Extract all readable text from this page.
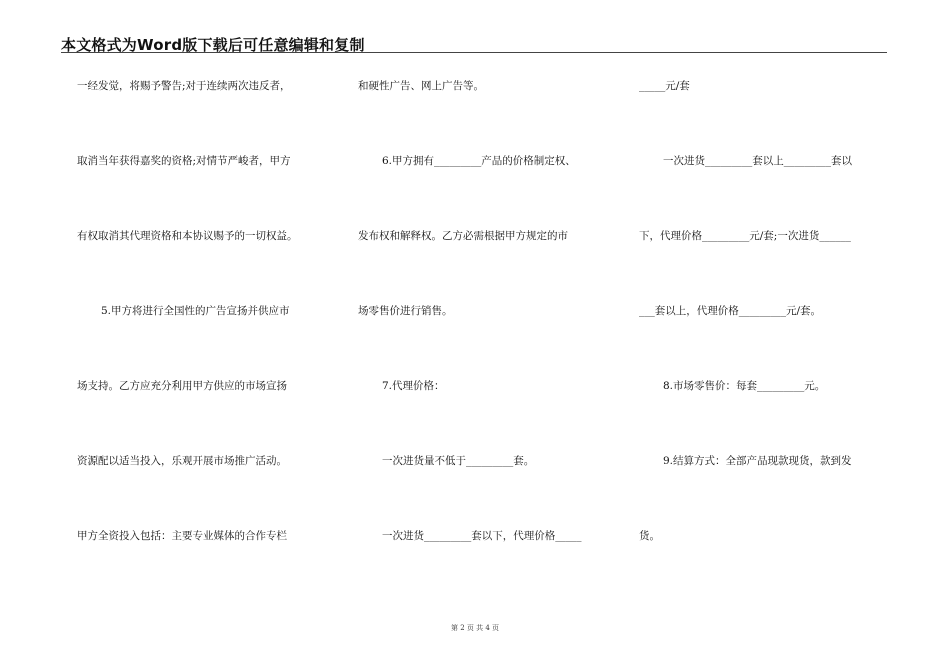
本文格式为Word版下载后可任意编辑和复制
一经发觉，将赐予警告;对于连续两次违反者，
取消当年获得嘉奖的资格;对情节严峻者，甲方
有权取消其代理资格和本协议赐予的一切权益。
5.甲方将进行全国性的广告宣扬并供应市
场支持。乙方应充分利用甲方供应的市场宣扬
资源配以适当投入，乐观开展市场推广活动。
甲方全资投入包括：主要专业媒体的合作专栏
和硬性广告、网上广告等。
6.甲方拥有_________产品的价格制定权、
发布权和解释权。乙方必需根据甲方规定的市
场零售价进行销售。
7.代理价格：
一次进货量不低于_________套。
一次进货_________套以下，代理价格_____
_____元/套
一次进货_________套以上_________套以
下，代理价格_________元/套;一次进货______
___套以上，代理价格_________元/套。
8.市场零售价：每套_________元。
9.结算方式：全部产品现款现货，款到发
货。
第 2 页 共 4 页
